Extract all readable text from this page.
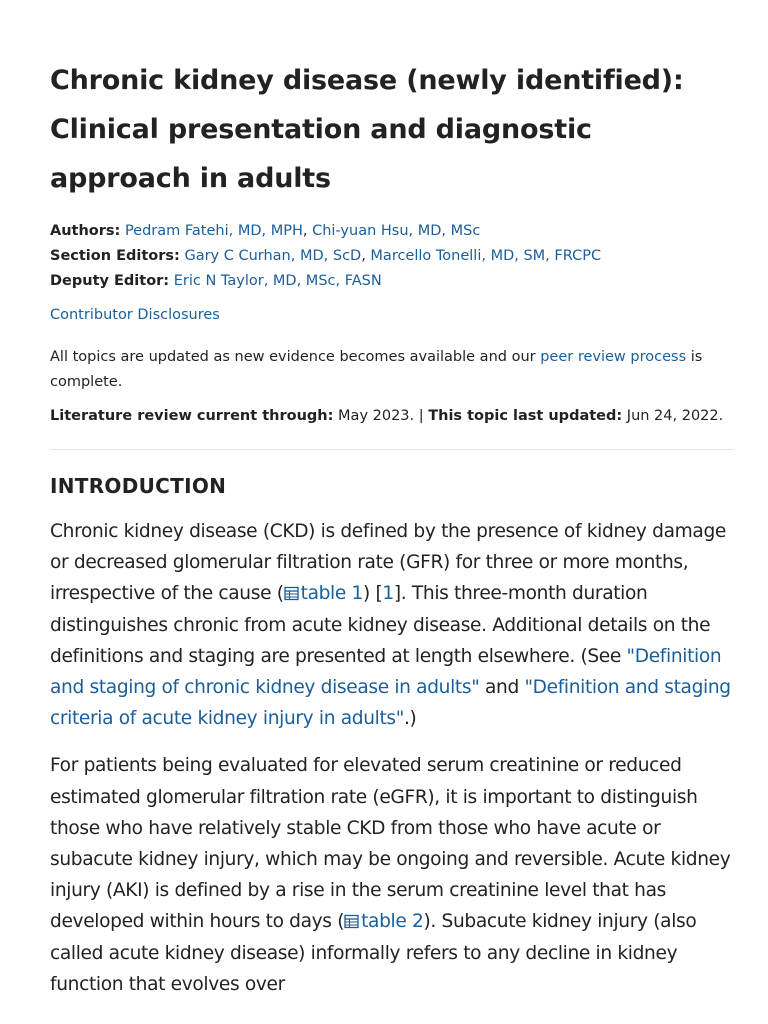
Chronic kidney disease (newly identified): Clinical presentation and diagnostic approach in adults
Authors: Pedram Fatehi, MD, MPH, Chi-yuan Hsu, MD, MSc
Section Editors: Gary C Curhan, MD, ScD, Marcello Tonelli, MD, SM, FRCPC
Deputy Editor: Eric N Taylor, MD, MSc, FASN
Contributor Disclosures
All topics are updated as new evidence becomes available and our peer review process is complete.
Literature review current through: May 2023. | This topic last updated: Jun 24, 2022.
INTRODUCTION

Chronic kidney disease (CKD) is defined by the presence of kidney damage or decreased glomerular filtration rate (GFR) for three or more months, irrespective of the cause ( table 1) [1]. This three-month duration distinguishes chronic from acute kidney disease. Additional details on the definitions and staging are presented at length elsewhere. (See "Definition and staging of chronic kidney disease in adults" and "Definition and staging criteria of acute kidney injury in adults".)

For patients being evaluated for elevated serum creatinine or reduced estimated glomerular filtration rate (eGFR), it is important to distinguish those who have relatively stable CKD from those who have acute or subacute kidney injury, which may be ongoing and reversible. Acute kidney injury (AKI) is defined by a rise in the serum creatinine level that has developed within hours to days ( table 2). Subacute kidney injury (also called acute kidney disease) informally refers to any decline in kidney function that evolves over
